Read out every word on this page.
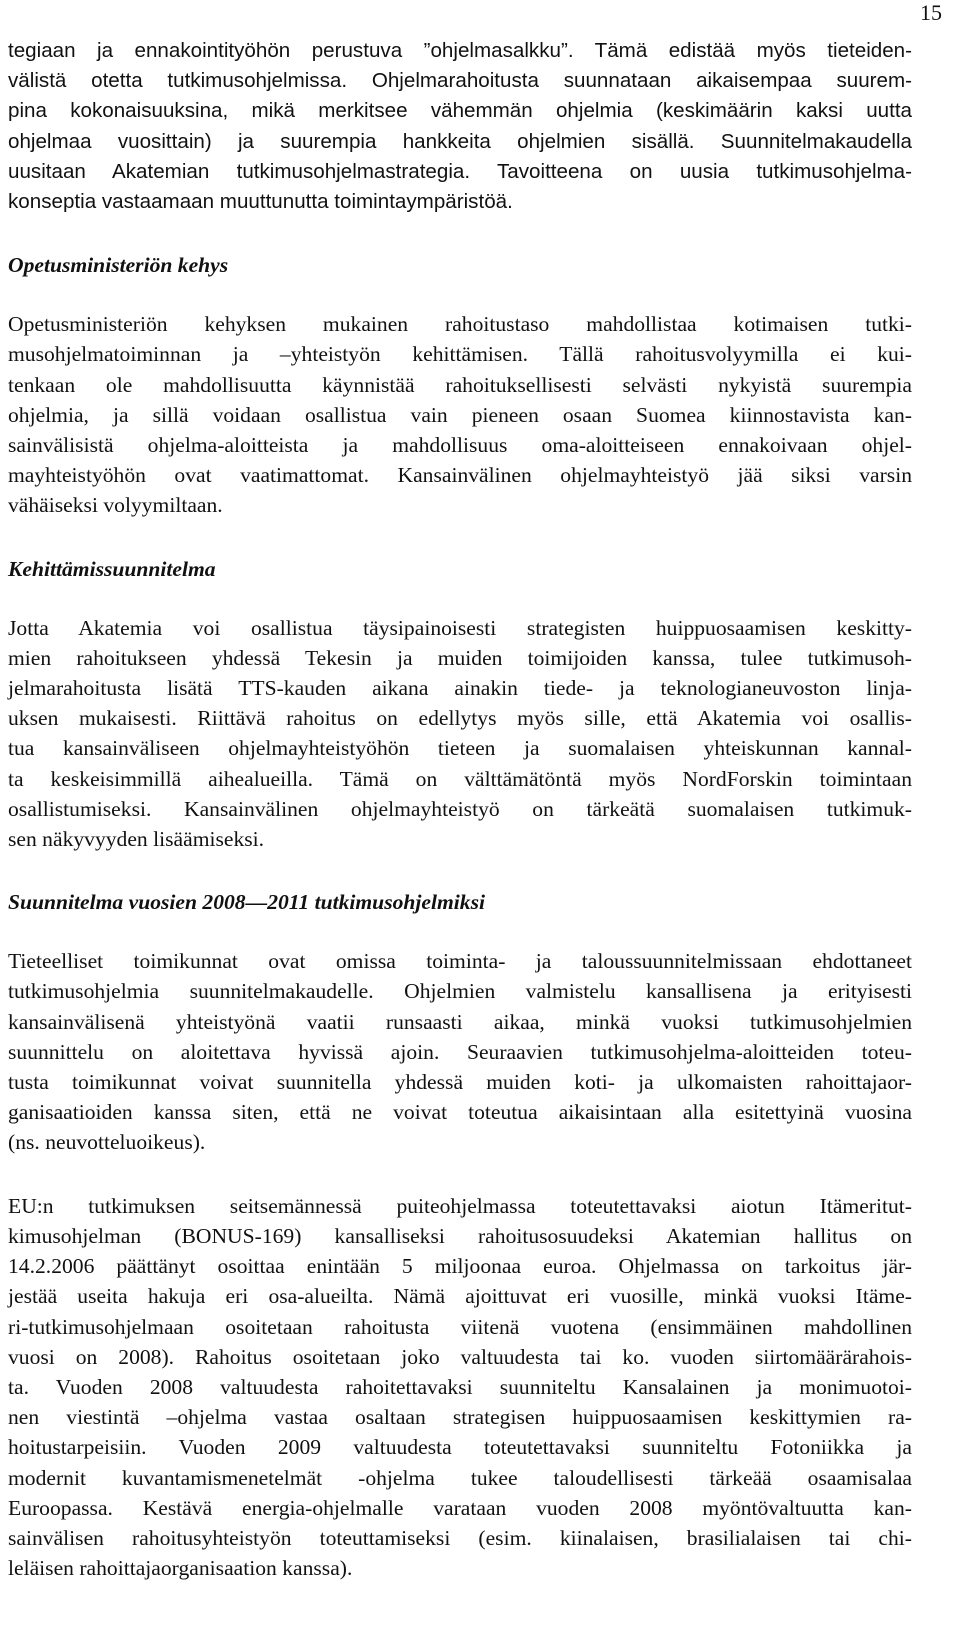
15

tegiaan ja ennakointityöhön perustuva ”ohjelmasalkku”. Tämä edistää myös tieteiden-
välistä otetta tutkimusohjelmissa. Ohjelmarahoitusta suunnataan aikaisempaa suurem-
pina kokonaisuuksina, mikä merkitsee vähemmän ohjelmia (keskimäärin kaksi uutta
ohjelmaa vuosittain) ja suurempia hankkeita ohjelmien sisällä. Suunnitelmakaudella
uusitaan Akatemian tutkimusohjelmastrategia. Tavoitteena on uusia tutkimusohjelma-
konseptia vastaamaan muuttunutta toimintaympäristöä.

Opetusministeriön kehys

Opetusministeriön kehyksen mukainen rahoitustaso mahdollistaa kotimaisen tutki-
musohjelmatoiminnan ja –yhteistyön kehittämisen. Tällä rahoitusvolyymilla ei kui-
tenkaan ole mahdollisuutta käynnistää rahoituksellisesti selvästi nykyistä suurempia
ohjelmia, ja sillä voidaan osallistua vain pieneen osaan Suomea kiinnostavista kan-
sainvälisistä ohjelma-aloitteista ja mahdollisuus oma-aloitteiseen ennakoivaan ohjel-
mayhteistyöhön ovat vaatimattomat. Kansainvälinen ohjelmayhteistyö jää siksi varsin
vähäiseksi volyymiltaan.

Kehittämissuunnitelma

Jotta Akatemia voi osallistua täysipainoisesti strategisten huippuosaamisen keskitty-
mien rahoitukseen yhdessä Tekesin ja muiden toimijoiden kanssa, tulee tutkimusoh-
jelmarahoitusta lisätä TTS-kauden aikana ainakin tiede- ja teknologianeuvoston linja-
uksen mukaisesti. Riittävä rahoitus on edellytys myös sille, että Akatemia voi osallis-
tua kansainväliseen ohjelmayhteistyöhön tieteen ja suomalaisen yhteiskunnan kannal-
ta keskeisimmillä aihealueilla. Tämä on välttämätöntä myös NordForskin toimintaan
osallistumiseksi. Kansainvälinen ohjelmayhteistyö on tärkeätä suomalaisen tutkimuk-
sen näkyvyyden lisäämiseksi.

Suunnitelma vuosien 2008—2011 tutkimusohjelmiksi

Tieteelliset toimikunnat ovat omissa toiminta- ja taloussuunnitelmissaan ehdottaneet
tutkimusohjelmia suunnitelmakaudelle. Ohjelmien valmistelu kansallisena ja erityisesti
kansainvälisenä yhteistyönä vaatii runsaasti aikaa, minkä vuoksi tutkimusohjelmien
suunnittelu on aloitettava hyvissä ajoin. Seuraavien tutkimusohjelma-aloitteiden toteu-
tusta toimikunnat voivat suunnitella yhdessä muiden koti- ja ulkomaisten rahoittajaor-
ganisaatioiden kanssa siten, että ne voivat toteutua aikaisintaan alla esitettyinä vuosina
(ns. neuvotteluoikeus).

EU:n tutkimuksen seitsemännessä puiteohjelmassa toteutettavaksi aiotun Itämeritut-
kimusohjelman (BONUS-169) kansalliseksi rahoitusosuudeksi Akatemian hallitus on
14.2.2006 päättänyt osoittaa enintään 5 miljoonaa euroa. Ohjelmassa on tarkoitus jär-
jestää useita hakuja eri osa-alueilta. Nämä ajoittuvat eri vuosille, minkä vuoksi Itäme-
ri-tutkimusohjelmaan osoitetaan rahoitusta viitenä vuotena (ensimmäinen mahdollinen
vuosi on 2008). Rahoitus osoitetaan joko valtuudesta tai ko. vuoden siirtomäärärahois-
ta. Vuoden 2008 valtuudesta rahoitettavaksi suunniteltu Kansalainen ja monimuotoi-
nen viestintä –ohjelma vastaa osaltaan strategisen huippuosaamisen keskittymien ra-
hoitustarpeisiin. Vuoden 2009 valtuudesta toteutettavaksi suunniteltu Fotoniikka ja
modernit kuvantamismenetelmät -ohjelma tukee taloudellisesti tärkeää osaamisalaa
Euroopassa. Kestävä energia-ohjelmalle varataan vuoden 2008 myöntövaltuutta kan-
sainvälisen rahoitusyhteistyön toteuttamiseksi (esim. kiinalaisen, brasilialaisen tai chi-
leläisen rahoittajaorganisaation kanssa).
